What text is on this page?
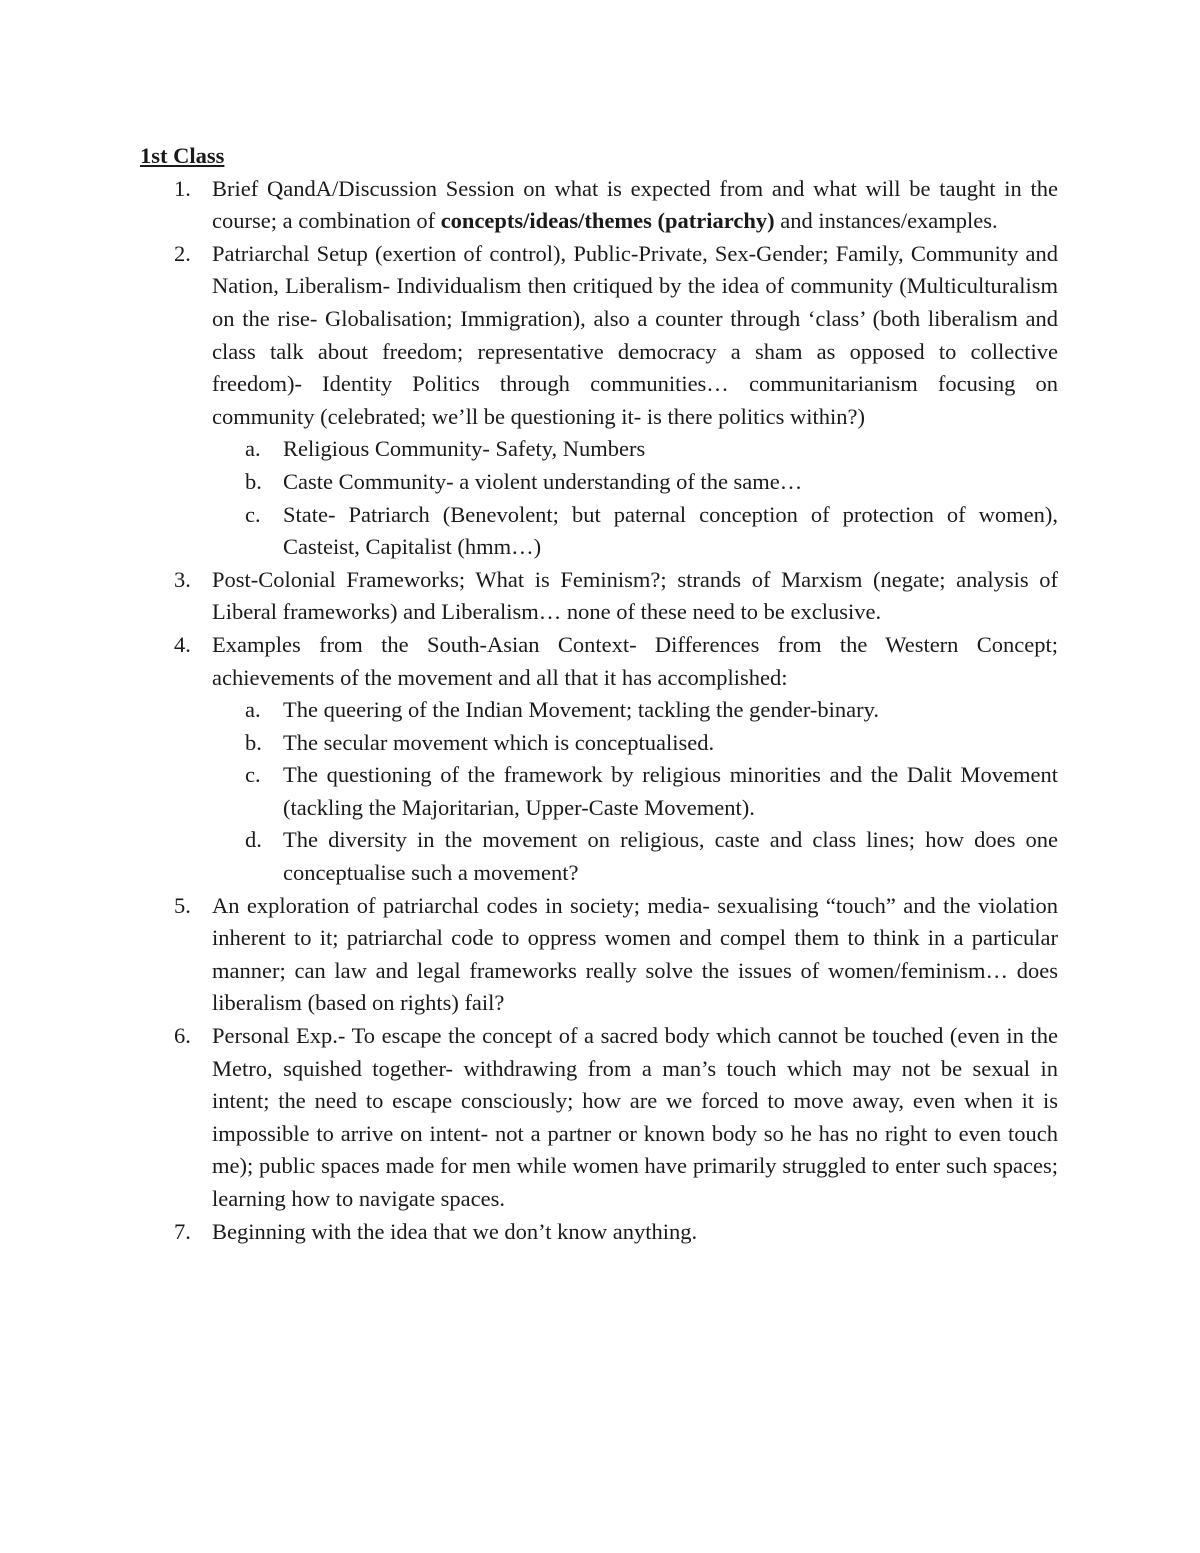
1st Class

1. Brief QandA/Discussion Session on what is expected from and what will be taught in the course; a combination of concepts/ideas/themes (patriarchy) and instances/examples.
2. Patriarchal Setup (exertion of control), Public-Private, Sex-Gender; Family, Community and Nation, Liberalism- Individualism then critiqued by the idea of community (Multiculturalism on the rise- Globalisation; Immigration), also a counter through ‘class’ (both liberalism and class talk about freedom; representative democracy a sham as opposed to collective freedom)- Identity Politics through communities… communitarianism focusing on community (celebrated; we’ll be questioning it- is there politics within?)
a. Religious Community- Safety, Numbers
b. Caste Community- a violent understanding of the same…
c. State- Patriarch (Benevolent; but paternal conception of protection of women), Casteist, Capitalist (hmm…)
3. Post-Colonial Frameworks; What is Feminism?; strands of Marxism (negate; analysis of Liberal frameworks) and Liberalism… none of these need to be exclusive.
4. Examples from the South-Asian Context- Differences from the Western Concept; achievements of the movement and all that it has accomplished:
a. The queering of the Indian Movement; tackling the gender-binary.
b. The secular movement which is conceptualised.
c. The questioning of the framework by religious minorities and the Dalit Movement (tackling the Majoritarian, Upper-Caste Movement).
d. The diversity in the movement on religious, caste and class lines; how does one conceptualise such a movement?
5. An exploration of patriarchal codes in society; media- sexualising “touch” and the violation inherent to it; patriarchal code to oppress women and compel them to think in a particular manner; can law and legal frameworks really solve the issues of women/feminism… does liberalism (based on rights) fail?
6. Personal Exp.- To escape the concept of a sacred body which cannot be touched (even in the Metro, squished together- withdrawing from a man’s touch which may not be sexual in intent; the need to escape consciously; how are we forced to move away, even when it is impossible to arrive on intent- not a partner or known body so he has no right to even touch me); public spaces made for men while women have primarily struggled to enter such spaces; learning how to navigate spaces.
7. Beginning with the idea that we don’t know anything.
